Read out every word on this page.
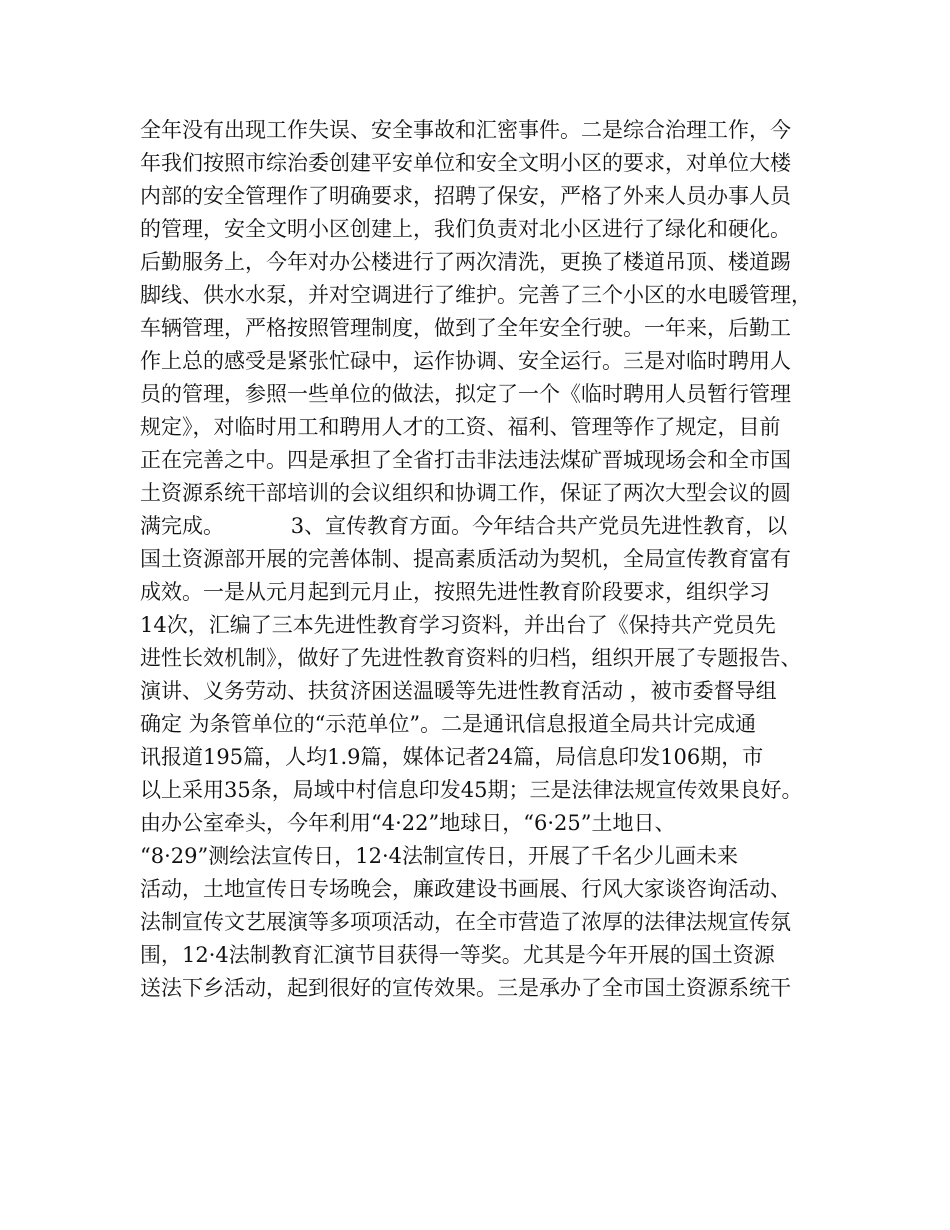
全年没有出现工作失误、安全事故和汇密事件。二是综合治理工作，今
年我们按照市综治委创建平安单位和安全文明小区的要求，对单位大楼
内部的安全管理作了明确要求，招聘了保安，严格了外来人员办事人员
的管理，安全文明小区创建上，我们负责对北小区进行了绿化和硬化。
后勤服务上，今年对办公楼进行了两次清洗，更换了楼道吊顶、楼道踢
脚线、供水水泵，并对空调进行了维护。完善了三个小区的水电暖管理，
车辆管理，严格按照管理制度，做到了全年安全行驶。一年来，后勤工
作上总的感受是紧张忙碌中，运作协调、安全运行。三是对临时聘用人
员的管理，参照一些单位的做法，拟定了一个《临时聘用人员暂行管理
规定》，对临时用工和聘用人才的工资、福利、管理等作了规定，目前
正在完善之中。四是承担了全省打击非法违法煤矿晋城现场会和全市国
土资源系统干部培训的会议组织和协调工作，保证了两次大型会议的圆
满完成。          3、宣传教育方面。今年结合共产党员先进性教育，以
国土资源部开展的完善体制、提高素质活动为契机，全局宣传教育富有
成效。一是从元月起到元月止，按照先进性教育阶段要求，组织学习
14次，汇编了三本先进性教育学习资料，并出台了《保持共产党员先
进性长效机制》，做好了先进性教育资料的归档，组织开展了专题报告、
演讲、义务劳动、扶贫济困送温暖等先进性教育活动 ，被市委督导组
确定 为条管单位的“示范单位”。二是通讯信息报道全局共计完成通
讯报道195篇，人均1.9篇，媒体记者24篇，局信息印发106期，市
以上采用35条，局域中村信息印发45期；三是法律法规宣传效果良好。
由办公室牵头，今年利用“4·22”地球日，“6·25”土地日、
“8·29”测绘法宣传日，12·4法制宣传日，开展了千名少儿画未来
活动，土地宣传日专场晚会，廉政建设书画展、行风大家谈咨询活动、
法制宣传文艺展演等多项项活动，在全市营造了浓厚的法律法规宣传氛
围，12·4法制教育汇演节目获得一等奖。尤其是今年开展的国土资源
送法下乡活动，起到很好的宣传效果。三是承办了全市国土资源系统干
